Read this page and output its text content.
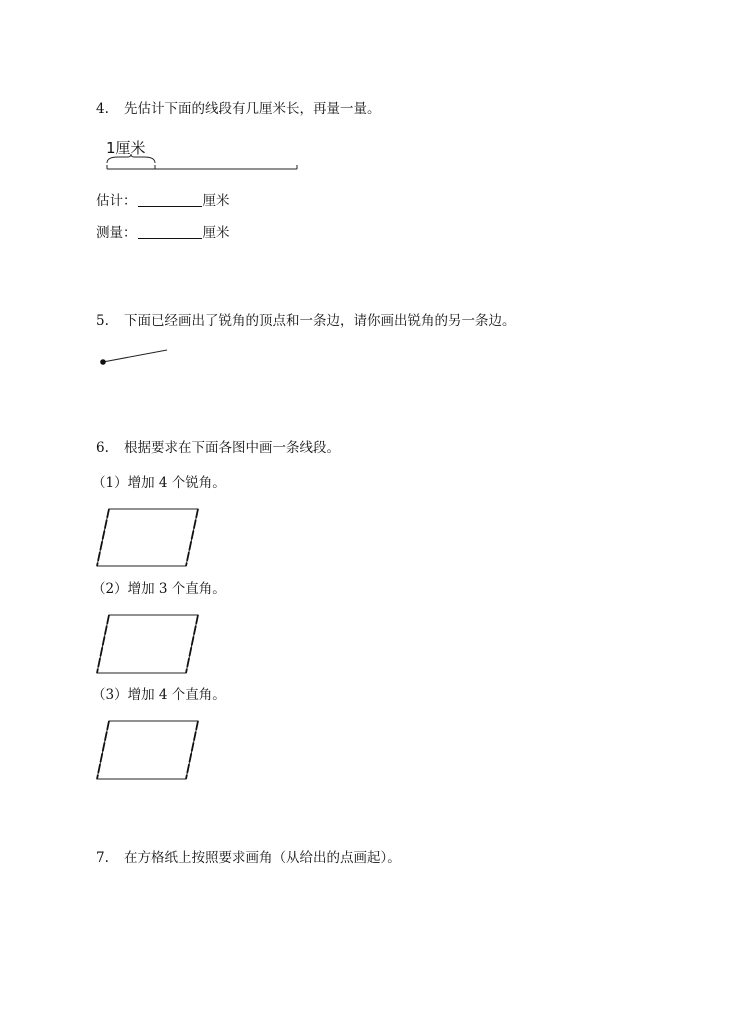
4. 先估计下面的线段有几厘米长，再量一量。
1厘米
估计：	厘米
测量：	厘米
5. 下面已经画出了锐角的顶点和一条边，请你画出锐角的另一条边。
6. 根据要求在下面各图中画一条线段。
（1）增加 4 个锐角。
（2）增加 3 个直角。
（3）增加 4 个直角。
7. 在方格纸上按照要求画角（从给出的点画起）。
